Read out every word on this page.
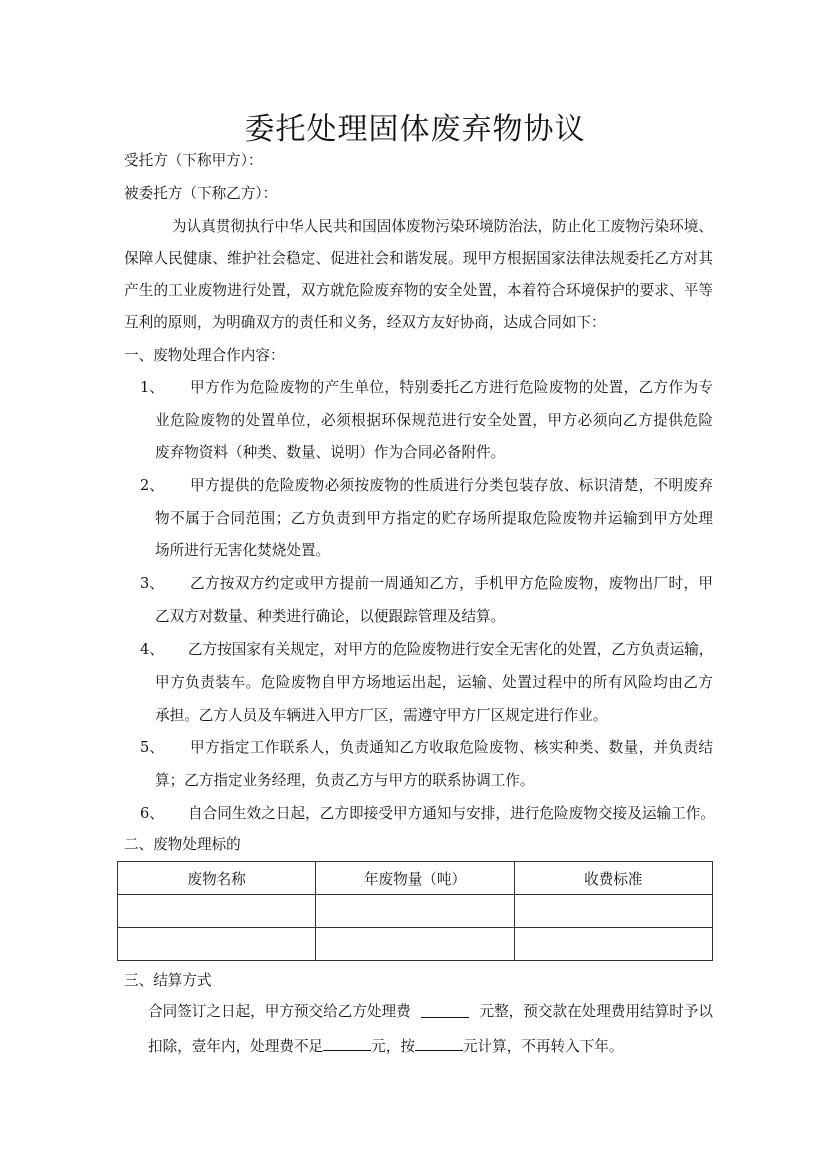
委托处理固体废弃物协议
受托方（下称甲方）：
被委托方（下称乙方）：
为认真贯彻执行中华人民共和国固体废物污染环境防治法，防止化工废物污染环境、
保障人民健康、维护社会稳定、促进社会和谐发展。现甲方根据国家法律法规委托乙方对其
产生的工业废物进行处置，双方就危险废弃物的安全处置，本着符合环境保护的要求、平等
互利的原则，为明确双方的责任和义务，经双方友好协商，达成合同如下：
一、废物处理合作内容：
1、 甲方作为危险废物的产生单位，特别委托乙方进行危险废物的处置，乙方作为专
业危险废物的处置单位，必须根据环保规范进行安全处置，甲方必须向乙方提供危险
废弃物资料（种类、数量、说明）作为合同必备附件。
2、 甲方提供的危险废物必须按废物的性质进行分类包装存放、标识清楚，不明废弃
物不属于合同范围；乙方负责到甲方指定的贮存场所提取危险废物并运输到甲方处理
场所进行无害化焚烧处置。
3、 乙方按双方约定或甲方提前一周通知乙方，手机甲方危险废物，废物出厂时，甲
乙双方对数量、种类进行确论，以便跟踪管理及结算。
4、 乙方按国家有关规定，对甲方的危险废物进行安全无害化的处置，乙方负责运输，
甲方负责装车。危险废物自甲方场地运出起，运输、处置过程中的所有风险均由乙方
承担。乙方人员及车辆进入甲方厂区，需遵守甲方厂区规定进行作业。
5、 甲方指定工作联系人，负责通知乙方收取危险废物、核实种类、数量，并负责结
算；乙方指定业务经理，负责乙方与甲方的联系协调工作。
6、 自合同生效之日起，乙方即接受甲方通知与安排，进行危险废物交接及运输工作。
二、废物处理标的
废物名称	年废物量（吨）	收费标准

三、结算方式
合同签订之日起，甲方预交给乙方处理费	元整，预交款在处理费用结算时予以
扣除，壹年内，处理费不足	元，按	元计算，不再转入下年。
